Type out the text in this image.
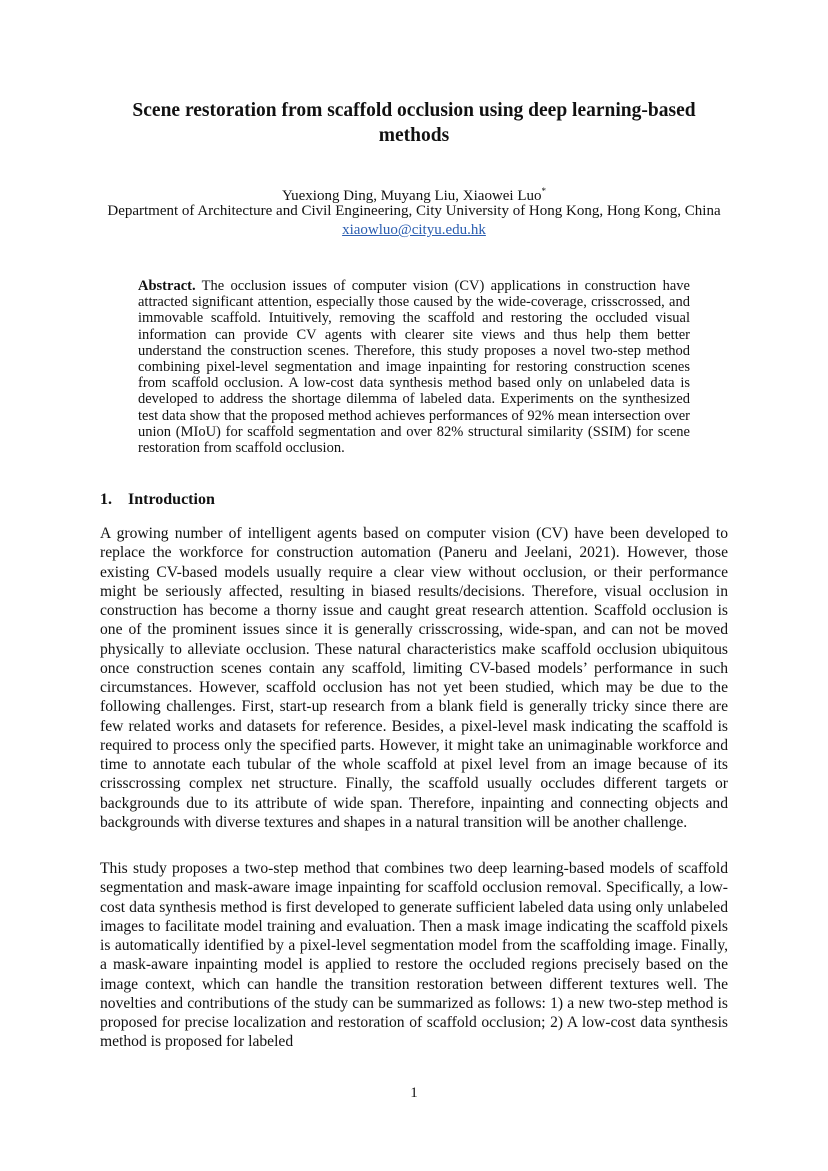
Scene restoration from scaffold occlusion using deep learning-based methods

Yuexiong Ding, Muyang Liu, Xiaowei Luo*

Department of Architecture and Civil Engineering, City University of Hong Kong, Hong Kong, China

xiaowluo@cityu.edu.hk

Abstract. The occlusion issues of computer vision (CV) applications in construction have attracted significant attention, especially those caused by the wide-coverage, crisscrossed, and immovable scaffold. Intuitively, removing the scaffold and restoring the occluded visual information can provide CV agents with clearer site views and thus help them better understand the construction scenes. Therefore, this study proposes a novel two-step method combining pixel-level segmentation and image inpainting for restoring construction scenes from scaffold occlusion. A low-cost data synthesis method based only on unlabeled data is developed to address the shortage dilemma of labeled data. Experiments on the synthesized test data show that the proposed method achieves performances of 92% mean intersection over union (MIoU) for scaffold segmentation and over 82% structural similarity (SSIM) for scene restoration from scaffold occlusion.

1. Introduction

A growing number of intelligent agents based on computer vision (CV) have been developed to replace the workforce for construction automation (Paneru and Jeelani, 2021). However, those existing CV-based models usually require a clear view without occlusion, or their performance might be seriously affected, resulting in biased results/decisions. Therefore, visual occlusion in construction has become a thorny issue and caught great research attention. Scaffold occlusion is one of the prominent issues since it is generally crisscrossing, wide-span, and can not be moved physically to alleviate occlusion. These natural characteristics make scaffold occlusion ubiquitous once construction scenes contain any scaffold, limiting CV-based models’ performance in such circumstances. However, scaffold occlusion has not yet been studied, which may be due to the following challenges. First, start-up research from a blank field is generally tricky since there are few related works and datasets for reference. Besides, a pixel-level mask indicating the scaffold is required to process only the specified parts. However, it might take an unimaginable workforce and time to annotate each tubular of the whole scaffold at pixel level from an image because of its crisscrossing complex net structure. Finally, the scaffold usually occludes different targets or backgrounds due to its attribute of wide span. Therefore, inpainting and connecting objects and backgrounds with diverse textures and shapes in a natural transition will be another challenge.

This study proposes a two-step method that combines two deep learning-based models of scaffold segmentation and mask-aware image inpainting for scaffold occlusion removal. Specifically, a low-cost data synthesis method is first developed to generate sufficient labeled data using only unlabeled images to facilitate model training and evaluation. Then a mask image indicating the scaffold pixels is automatically identified by a pixel-level segmentation model from the scaffolding image. Finally, a mask-aware inpainting model is applied to restore the occluded regions precisely based on the image context, which can handle the transition restoration between different textures well. The novelties and contributions of the study can be summarized as follows: 1) a new two-step method is proposed for precise localization and restoration of scaffold occlusion; 2) A low-cost data synthesis method is proposed for labeled

1
